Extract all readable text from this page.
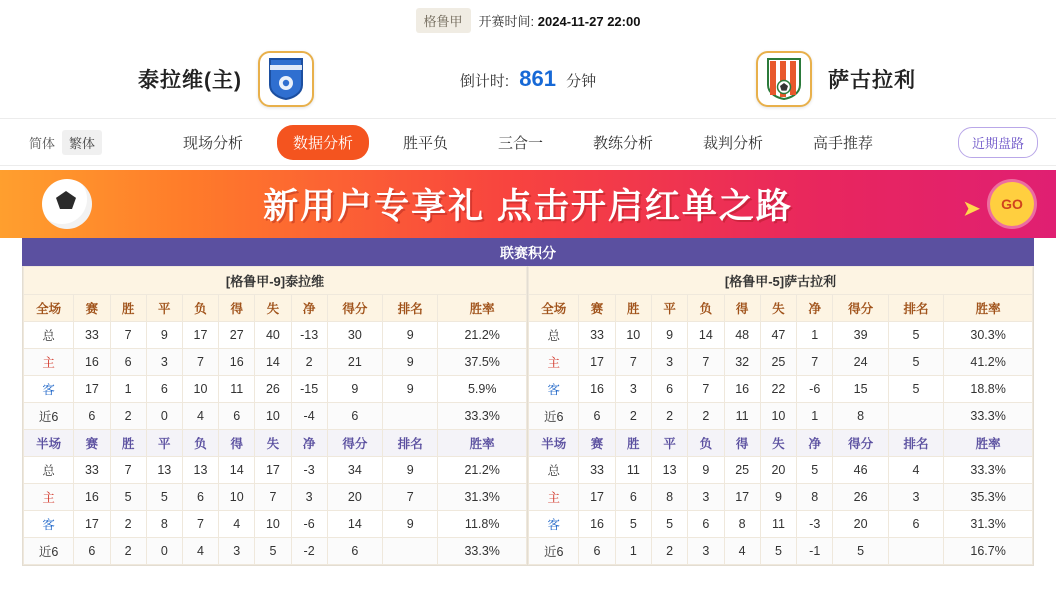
格鲁甲	开赛时间: 2024-11-27 22:00
泰拉维(主)	倒计时: 861 分钟	萨古拉利
简体	繁体	现场分析	数据分析	胜平负	三合一	教练分析	裁判分析	高手推荐	近期盘路
新用户专享礼 点击开启红单之路	➤	GO
联赛积分
[格鲁甲-9]泰拉维										
全场	赛	胜	平	负	得	失	净	得分	排名	胜率
总	33	7	9	17	27	40	-13	30	9	21.2%
主	16	6	3	7	16	14	2	21	9	37.5%
客	17	1	6	10	11	26	-15	9	9	5.9%
近6	6	2	0	4	6	10	-4	6		33.3%
半场	赛	胜	平	负	得	失	净	得分	排名	胜率
总	33	7	13	13	14	17	-3	34	9	21.2%
主	16	5	5	6	10	7	3	20	7	31.3%
客	17	2	8	7	4	10	-6	14	9	11.8%
近6	6	2	0	4	3	5	-2	6		33.3%
[格鲁甲-5]萨古拉利										
全场	赛	胜	平	负	得	失	净	得分	排名	胜率
总	33	10	9	14	48	47	1	39	5	30.3%
主	17	7	3	7	32	25	7	24	5	41.2%
客	16	3	6	7	16	22	-6	15	5	18.8%
近6	6	2	2	2	11	10	1	8		33.3%
半场	赛	胜	平	负	得	失	净	得分	排名	胜率
总	33	11	13	9	25	20	5	46	4	33.3%
主	17	6	8	3	17	9	8	26	3	35.3%
客	16	5	5	6	8	11	-3	20	6	31.3%
近6	6	1	2	3	4	5	-1	5		16.7%
